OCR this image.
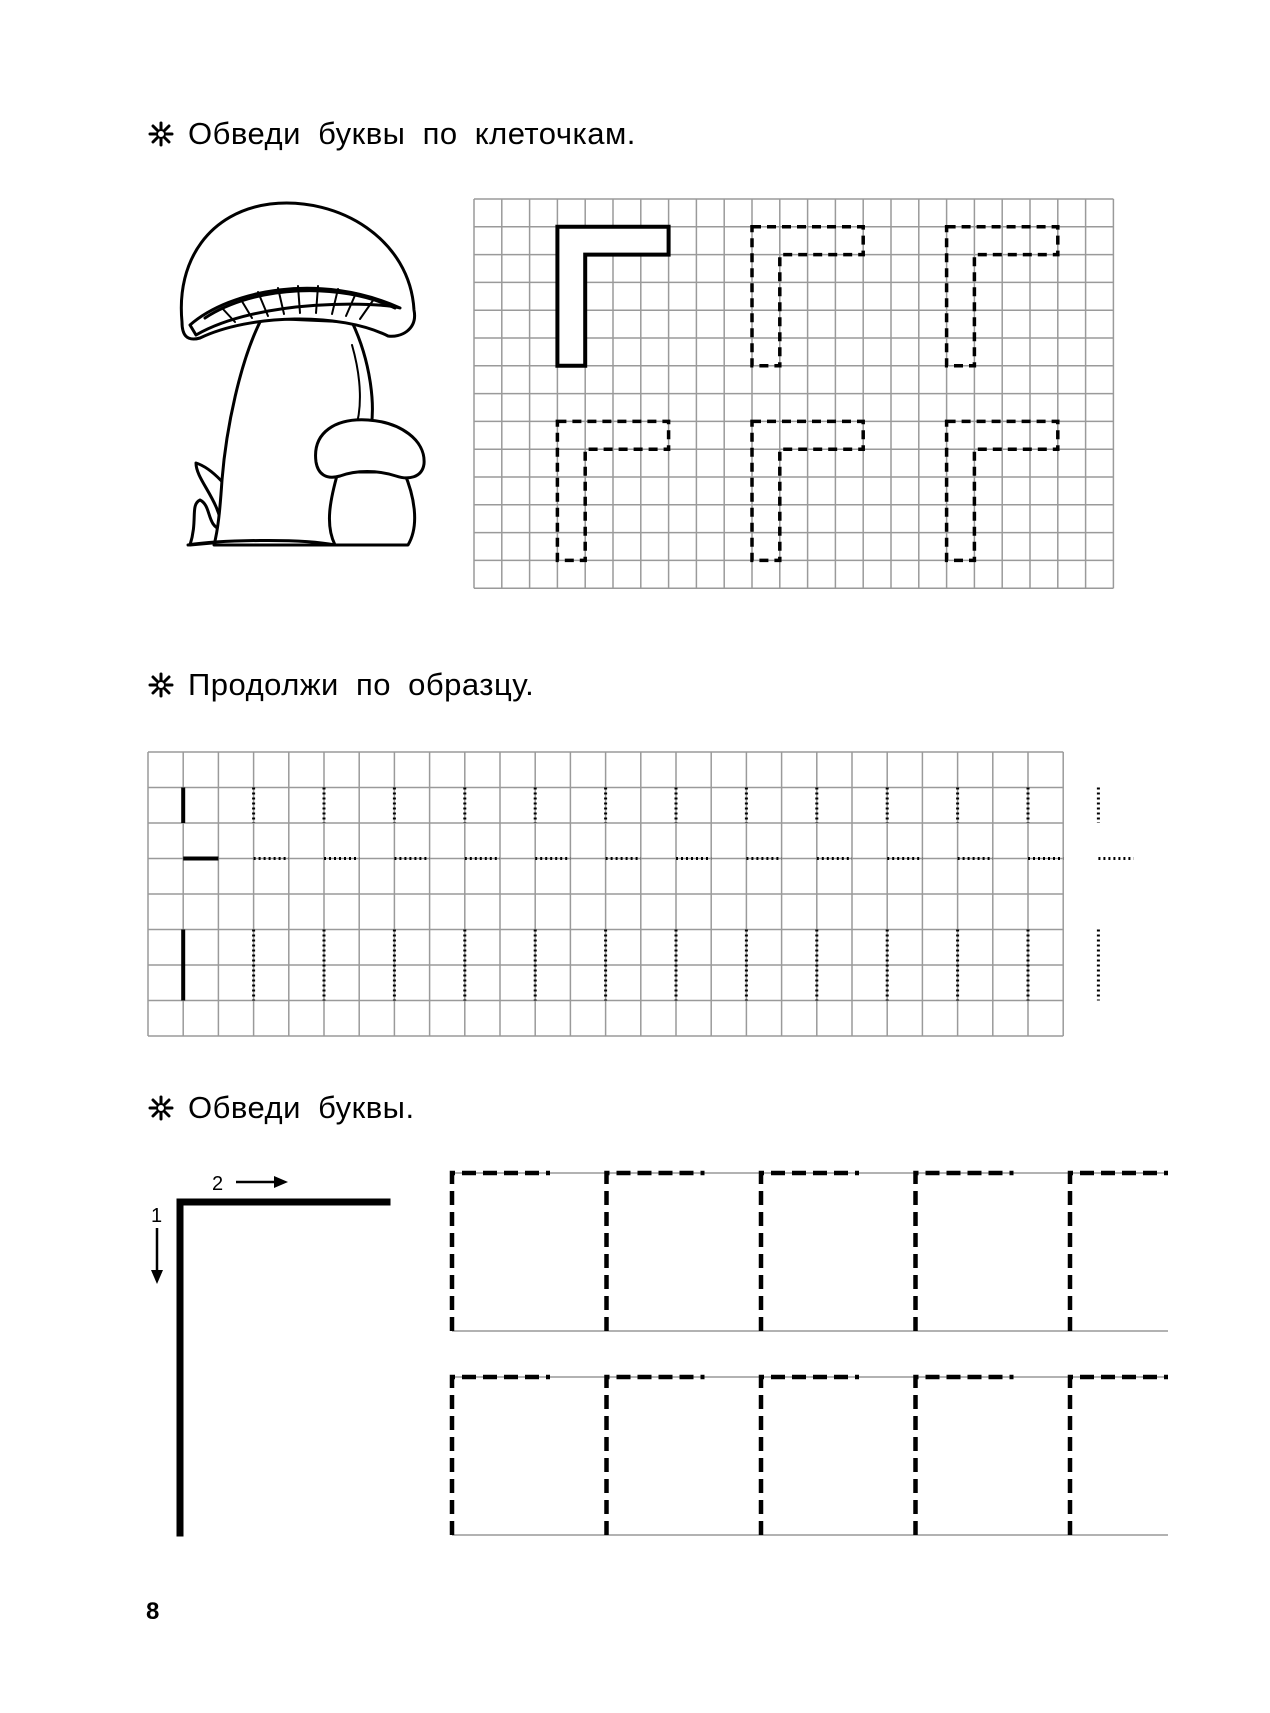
Обведи буквы по клеточкам.
Продолжи по образцу.
Обведи буквы.
1
2
8
